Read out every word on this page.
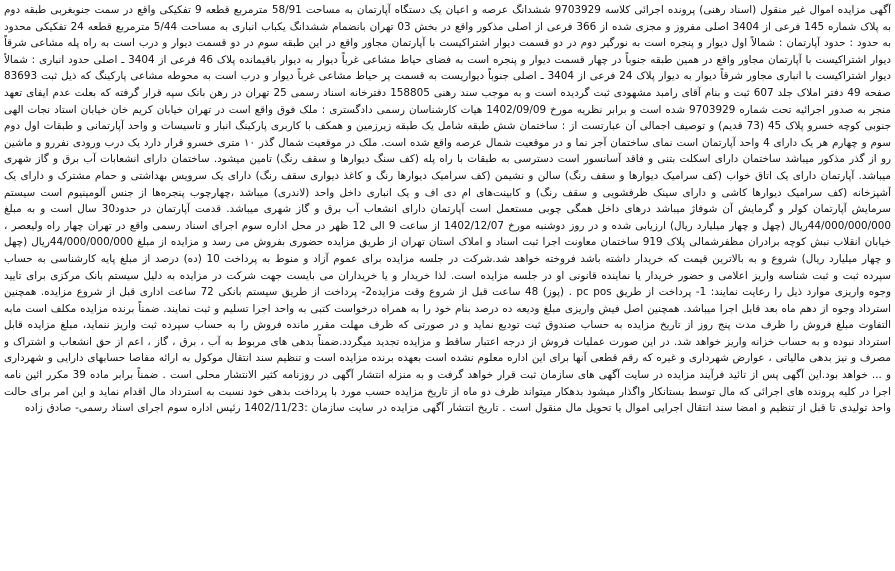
آگهی مزایده اموال غیر منقول (اسناد رهنی) پرونده اجرائی کلاسه 9703929 ششدانگ عرصه و اعیان یک دستگاه آپارتمان به مساحت 58/91 مترمربع قطعه 9 تفکیکی واقع در سمت جنوبغربی طبقه دوم به پلاک شماره 145 فرعی از 3404 اصلی مفروز و مجزی شده از 366 فرعی از اصلی مذکور واقع در بخش 03 تهران بانضمام ششدانگ یکباب انباری به مساحت 5/44 مترمربع قطعه 24 تفکیکی محدود به حدود : حدود آپارتمان : شمالاً اول دیوار و پنجره است به نورگیر دوم در دو قسمت دیوار اشتراکیست با آپارتمان مجاور واقع در این طبقه سوم در دو قسمت دیوار و درب است به راه پله مشاعی شرقاً دیوار اشتراکیست با آپارتمان مجاور واقع در همین طبقه جنوباً در چهار قسمت دیوار و پنجره است به فضای حیاط مشاعی غرباً دیوار به دیوار باقیمانده پلاک 46 فرعی از 3404 ـ اصلی حدود انباری : شمالاً دیوار اشتراکیست با انباری مجاور شرقاً دیوار به دیوار پلاک 24 فرعی از 3404 ـ اصلی جنوباً دیواریست به قسمت پر حیاط مشاعی غرباً دیوار و درب است به محوطه مشاعی پارکینگ که ذیل ثبت 83693 صفحه 49 دفتر املاک جلد 607 ثبت و بنام آقای رامبد مشهودی ثبت گردیده است و به موجب سند رهنی 158805 دفترخانه اسناد رسمی 25 تهران در رهن بانک سپه قرار گرفته که بعلت عدم ایفای تعهد منجر به صدور اجرائیه تحت شماره 9703929 شده است و برابر نظریه مورخ 1402/09/09 هیات کارشناسان رسمی دادگستری : ملک فوق واقع است در تهران خیابان کریم خان خیابان استاد نجات الهی جنوبی کوچه خسرو پلاک 45 (73 قدیم) و توصیف اجمالی آن عبارتست از : ساختمان شش طبقه شامل یک طبقه زیرزمین و همکف با کاربری پارکینگ انبار و تاسیسات و واحد آپارتمانی و طبقات اول دوم سوم و چهارم هر یک دارای 4 واحد آپارتمان است نمای ساختمان آجر نما و در موقعیت شمال عرصه واقع شده است. ملک در موقعیت شمال گذر ۱۰ متری خسرو قرار دارد یک درب ورودی نفررو و ماشین رو از گذر مذکور میباشد ساختمان دارای اسکلت بتنی و فاقد آسانسور است دسترسی به طبقات با راه پله (کف سنگ دیوارها و سقف رنگ) تامین میشود. ساختمان دارای انشعابات آب برق و گاز شهری میباشد. آپارتمان دارای یک اتاق خواب (کف سرامیک دیوارها و سقف رنگ) سالن و نشیمن (کف سرامیک دیوارها رنگ و کاغذ دیواری سقف رنگ) دارای یک سرویس بهداشتی و حمام مشترک و دارای یک آشپزخانه (کف سرامیک دیوارها کاشی و دارای سینک ظرفشویی و سقف رنگ) و کابینت‌های ام دی اف و یک انباری داخل واحد (لاندری) میباشد ،چهارچوب پنجره‌ها از جنس آلومینیوم است سیستم سرمایش آپارتمان کولر و گرمایش آن شوفاژ میباشد درهای داخل همگی چوبی مستعمل است آپارتمان دارای انشعاب آب برق و گاز شهری میباشد. قدمت آپارتمان در حدود30 سال است و به مبلغ 44/000/000/000ریال (چهل و چهار میلیارد ریال) ارزیابی شده و در روز دوشنبه مورخ 1402/12/07 از ساعت 9 الی 12 ظهر در محل اداره سوم اجرای اسناد رسمی واقع در تهران چهار راه ولیعصر ، خیابان انقلاب نبش کوچه برادران مظفرشمالی پلاک 919 ساختمان معاونت اجرا ثبت اسناد و املاک استان تهران از طریق مزایده حضوری بفروش می رسد و مزایده از مبلغ 44/000/000/000ریال (چهل و چهار میلیارد ریال) شروع و به بالاترین قیمت که خریدار داشته باشد فروخته خواهد شد.شرکت در جلسه مزایده برای عموم آزاد و منوط به پرداخت 10 (ده) درصد از مبلغ پایه کارشناسی به حساب سپرده ثبت و ثبت شناسه واریز اعلامی و حضور خریدار یا نماینده قانونی او در جلسه مزایده است. لذا خریدار و یا خریداران می بایست جهت شرکت در مزایده به دلیل سیستم بانک مرکزی برای تایید وجوه واریزی موارد ذیل را رعایت نمایند: 1- پرداخت از طریق pc pos . (پوز) 48 ساعت قبل از شروع وقت مزایده2- پرداخت از طریق سیستم بانکی 72 ساعت اداری قبل از شروع مزایده. همچنین استرداد وجوه از دهم ماه بعد قابل اجرا میباشد. همچنین اصل فیش واریزی مبلغ ودیعه ده درصد بنام خود را به همراه درخواست کتبی به واحد اجرا تسلیم و ثبت نمایند. ضمناً برنده مزایده مکلف است مابه التفاوت مبلغ فروش را ظرف مدت پنج روز از تاریخ مزایده به حساب صندوق ثبت تودیع نماید و در صورتی که ظرف مهلت مقرر مانده فروش را به حساب سپرده ثبت واریز ننماید، مبلغ مزایده قابل استرداد نبوده و به حساب خزانه واریز خواهد شد. در این صورت عملیات فروش از درجه اعتبار ساقط و مزایده تجدید میگردد.ضمناً بدهی های مربوط به آب ، برق ، گاز ، اعم از حق انشعاب و اشتراک و مصرف و نیز بدهی مالیاتی ، عوارض شهرداری و غیره که رقم قطعی آنها برای این اداره معلوم نشده است بعهده برنده مزایده است و تنظیم سند انتقال موکول به ارائه مفاصا حسابهای دارایی و شهرداری و ... خواهد بود.این آگهی پس از تائید فرآیند مزایده در سایت آگهی های سازمان ثبت قرار خواهد گرفت و به منزله انتشار آگهی در روزنامه کثیر الانتشار محلی است . ضمناً برابر ماده 39 مکرر ائین نامه اجرا در کلیه پرونده های اجرائی که مال توسط بستانکار واگذار میشود بدهکار میتواند ظرف دو ماه از تاریخ مزایده حسب مورد با پرداخت بدهی خود نسبت به استرداد مال اقدام نماید و این امر برای حالت واحد تولیدی تا قبل از تنظیم و امضا سند انتقال اجرایی اموال یا تحویل مال منقول است . تاریخ انتشار آگهی مزایده در سایت سازمان :1402/11/23 رئیس اداره سوم اجرای اسناد رسمی- صادق زاده
